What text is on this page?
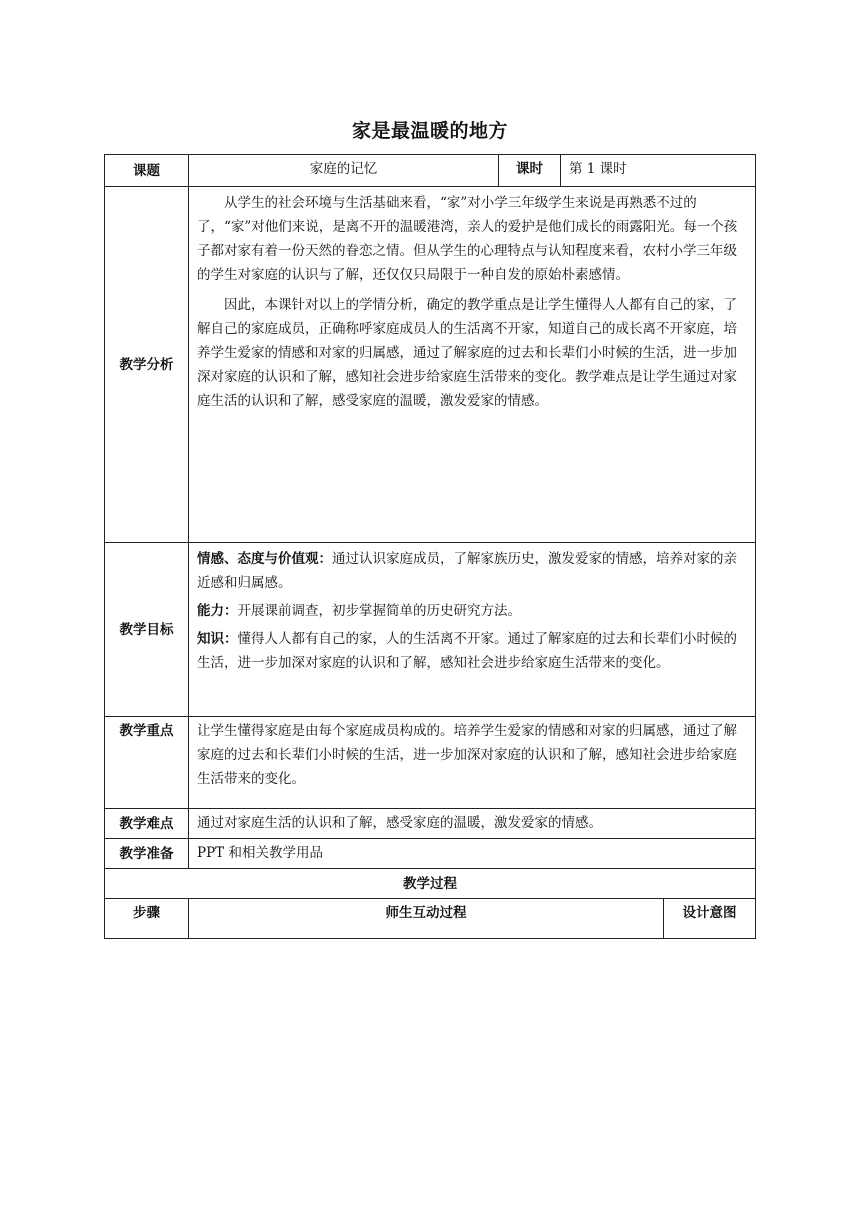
家是最温暖的地方
课题	家庭的记忆	课时	第 1 课时	
教学分析	从学生的社会环境与生活基础来看，“家”对小学三年级学生来说是再熟悉不过的了，“家”对他们来说，是离不开的温暖港湾，亲人的爱护是他们成长的雨露阳光。每一个孩子都对家有着一份天然的眷恋之情。但从学生的心理特点与认知程度来看，农村小学三年级的学生对家庭的认识与了解，还仅仅只局限于一种自发的原始朴素感情。

因此，本课针对以上的学情分析，确定的教学重点是让学生懂得人人都有自己的家，了解自己的家庭成员，正确称呼家庭成员人的生活离不开家，知道自己的成长离不开家庭，培养学生爱家的情感和对家的归属感，通过了解家庭的过去和长辈们小时候的生活，进一步加深对家庭的认识和了解，感知社会进步给家庭生活带来的变化。教学难点是让学生通过对家庭生活的认识和了解，感受家庭的温暖，激发爱家的情感。			

教学目标	情感、态度与价值观：通过认识家庭成员，了解家族历史，激发爱家的情感，培养对家的亲近感和归属感。

能力：开展课前调查，初步掌握简单的历史研究方法。

知识：懂得人人都有自己的家，人的生活离不开家。通过了解家庭的过去和长辈们小时候的生活，进一步加深对家庭的认识和了解，感知社会进步给家庭生活带来的变化。			

教学重点	让学生懂得家庭是由每个家庭成员构成的。培养学生爱家的情感和对家的归属感，通过了解家庭的过去和长辈们小时候的生活，进一步加深对家庭的认识和了解，感知社会进步给家庭生活带来的变化。			
教学难点	通过对家庭生活的认识和了解，感受家庭的温暖，激发爱家的情感。			
教学准备	PPT 和相关教学用品			
教学过程				
步骤	师生互动过程			设计意图
